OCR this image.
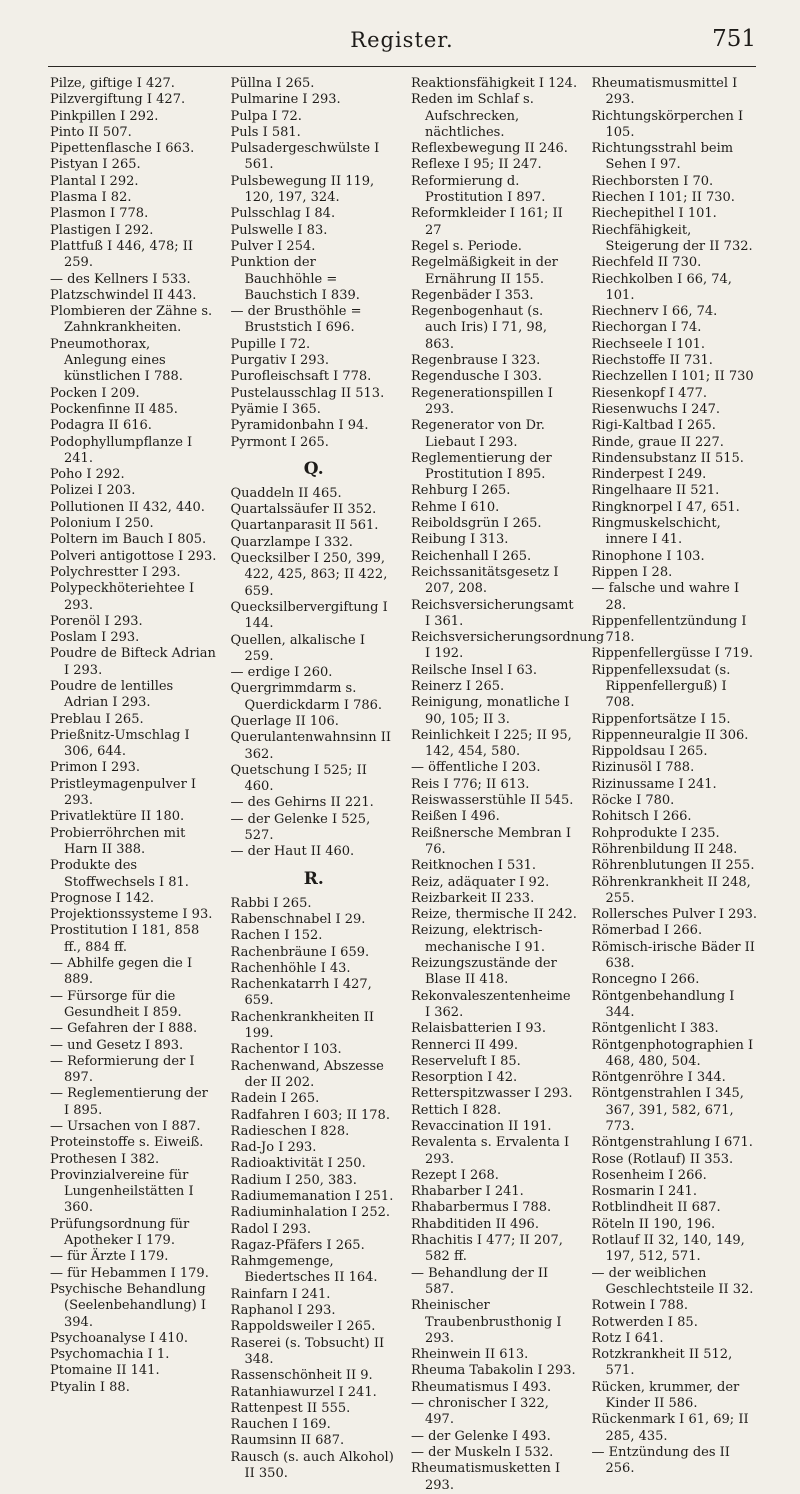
Register.	751
Pilze, giftige I 427.
Pilzvergiftung I 427.
Pinkpillen I 292.
Pinto II 507.
Pipettenflasche I 663.
Pistyan I 265.
Plantal I 292.
Plasma I 82.
Plasmon I 778.
Plastigen I 292.
Plattfuß I 446, 478; II 259.
— des Kellners I 533.
Platzschwindel II 443.
Plombieren der Zähne s. Zahnkrankheiten.
Pneumothorax, Anlegung eines künstlichen I 788.
Pocken I 209.
Pockenfinne II 485.
Podagra II 616.
Podophyllumpflanze I 241.
Poho I 292.
Polizei I 203.
Pollutionen II 432, 440.
Polonium I 250.
Poltern im Bauch I 805.
Polveri antigottose I 293.
Polychrestter I 293.
Polypeckhöteriehtee I 293.
Porenöl I 293.
Poslam I 293.
Poudre de Bifteck Adrian I 293.
Poudre de lentilles Adrian I 293.
Preblau I 265.
Prießnitz-Umschlag I 306, 644.
Primon I 293.
Pristleymagenpulver I 293.
Privatlektüre II 180.
Probierröhrchen mit Harn II 388.
Produkte des Stoffwechsels I 81.
Prognose I 142.
Projektionssysteme I 93.
Prostitution I 181, 858 ff., 884 ff.
— Abhilfe gegen die I 889.
— Fürsorge für die Gesundheit I 859.
— Gefahren der I 888.
— und Gesetz I 893.
— Reformierung der I 897.
— Reglementierung der I 895.
— Ursachen von I 887.
Proteinstoffe s. Eiweiß.
Prothesen I 382.
Provinzialvereine für Lungenheilstätten I 360.
Prüfungsordnung für Apotheker I 179.
— für Ärzte I 179.
— für Hebammen I 179.
Psychische Behandlung (Seelenbehandlung) I 394.
Psychoanalyse I 410.
Psychomachia I 1.
Ptomaine II 141.
Ptyalin I 88.
Püllna I 265.
Pulmarine I 293.
Pulpa I 72.
Puls I 581.
Pulsadergeschwülste I 561.
Pulsbewegung II 119, 120, 197, 324.
Pulsschlag I 84.
Pulswelle I 83.
Pulver I 254.
Punktion der Bauchhöhle = Bauchstich I 839.
— der Brusthöhle = Bruststich I 696.
Pupille I 72.
Purgativ I 293.
Puroﬂeischsaft I 778.
Pustelausschlag II 513.
Pyämie I 365.
Pyramidonbahn I 94.
Pyrmont I 265.
Q.
Quaddeln II 465.
Quartalssäufer II 352.
Quartanparasit II 561.
Quarzlampe I 332.
Quecksilber I 250, 399, 422, 425, 863; II 422, 659.
Quecksilbervergiftung I 144.
Quellen, alkalische I 259.
— erdige I 260.
Quergrimmdarm s. Querdickdarm I 786.
Querlage II 106.
Querulantenwahnsinn II 362.
Quetschung I 525; II 460.
— des Gehirns II 221.
— der Gelenke I 525, 527.
— der Haut II 460.
R.
Rabbi I 265.
Rabenschnabel I 29.
Rachen I 152.
Rachenbräune I 659.
Rachenhöhle I 43.
Rachenkatarrh I 427, 659.
Rachenkrankheiten II 199.
Rachentor I 103.
Rachenwand, Abszesse der II 202.
Radein I 265.
Radfahren I 603; II 178.
Radieschen I 828.
Rad-Jo I 293.
Radioaktivität I 250.
Radium I 250, 383.
Radiumemanation I 251.
Radiuminhalation I 252.
Radol I 293.
Ragaz-Pfäfers I 265.
Rahmgemenge, Biedertsches II 164.
Rainfarn I 241.
Raphanol I 293.
Rappoldsweiler I 265.
Raserei (s. Tobsucht) II 348.
Rassenschönheit II 9.
Ratanhiawurzel I 241.
Rattenpest II 555.
Rauchen I 169.
Raumsinn II 687.
Rausch (s. auch Alkohol) II 350.
Reaktionsfähigkeit I 124.
Reden im Schlaf s. Aufschrecken, nächtliches.
Reflexbewegung II 246.
Reflexe I 95; II 247.
Reformierung d. Prostitution I 897.
Reformkleider I 161; II 27
Regel s. Periode.
Regelmäßigkeit in der Ernährung II 155.
Regenbäder I 353.
Regenbogenhaut (s. auch Iris) I 71, 98, 863.
Regenbrause I 323.
Regendusche I 303.
Regenerationspillen I 293.
Regenerator von Dr. Liebaut I 293.
Reglementierung der Prostitution I 895.
Rehburg I 265.
Rehme I 610.
Reiboldsgrün I 265.
Reibung I 313.
Reichenhall I 265.
Reichssanitätsgesetz I 207, 208.
Reichsversicherungsamt I 361.
Reichsversicherungsordnung I 192.
Reilsche Insel I 63.
Reinerz I 265.
Reinigung, monatliche I 90, 105; II 3.
Reinlichkeit I 225; II 95, 142, 454, 580.
— öffentliche I 203.
Reis I 776; II 613.
Reiswasserstühle II 545.
Reißen I 496.
Reißnersche Membran I 76.
Reitknochen I 531.
Reiz, adäquater I 92.
Reizbarkeit II 233.
Reize, thermische II 242.
Reizung, elektrisch-mechanische I 91.
Reizungszustände der Blase II 418.
Rekonvaleszentenheime I 362.
Relaisbatterien I 93.
Rennerci II 499.
Reserveluft I 85.
Resorption I 42.
Retterspitzwasser I 293.
Rettich I 828.
Revaccination II 191.
Revalenta s. Ervalenta I 293.
Rezept I 268.
Rhabarber I 241.
Rhabarbermus I 788.
Rhabditiden II 496.
Rhachitis I 477; II 207, 582 ff.
— Behandlung der II 587.
Rheinischer Traubenbrusthonig I 293.
Rheinwein II 613.
Rheuma Tabakolin I 293.
Rheumatismus I 493.
— chronischer I 322, 497.
— der Gelenke I 493.
— der Muskeln I 532.
Rheumatismusketten I 293.
Rheumatismusmittel I 293.
Richtungskörperchen I 105.
Richtungsstrahl beim Sehen I 97.
Riechborsten I 70.
Riechen I 101; II 730.
Riechepithel I 101.
Riechfähigkeit, Steigerung der II 732.
Riechfeld II 730.
Riechkolben I 66, 74, 101.
Riechnerv I 66, 74.
Riechorgan I 74.
Riechseele I 101.
Riechstoffe II 731.
Riechzellen I 101; II 730
Riesenkopf I 477.
Riesenwuchs I 247.
Rigi-Kaltbad I 265.
Rinde, graue II 227.
Rindensubstanz II 515.
Rinderpest I 249.
Ringelhaare II 521.
Ringknorpel I 47, 651.
Ringmuskelschicht, innere I 41.
Rinophone I 103.
Rippen I 28.
— falsche und wahre I 28.
Rippenfellentzündung I 718.
Rippenfellergüsse I 719.
Rippenfellexsudat (s. Rippenfellerguß) I 708.
Rippenfortsätze I 15.
Rippenneuralgie II 306.
Rippoldsau I 265.
Rizinusöl I 788.
Rizinussame I 241.
Röcke I 780.
Rohitsch I 266.
Rohprodukte I 235.
Röhrenbildung II 248.
Röhrenblutungen II 255.
Röhrenkrankheit II 248, 255.
Rollersches Pulver I 293.
Römerbad I 266.
Römisch-irische Bäder II 638.
Roncegno I 266.
Röntgenbehandlung I 344.
Röntgenlicht I 383.
Röntgenphotographien I 468, 480, 504.
Röntgenröhre I 344.
Röntgenstrahlen I 345, 367, 391, 582, 671, 773.
Röntgenstrahlung I 671.
Rose (Rotlauf) II 353.
Rosenheim I 266.
Rosmarin I 241.
Rotblindheit II 687.
Röteln II 190, 196.
Rotlauf II 32, 140, 149, 197, 512, 571.
— der weiblichen Geschlechtsteile II 32.
Rotwein I 788.
Rotwerden I 85.
Rotz I 641.
Rotzkrankheit II 512, 571.
Rücken, krummer, der Kinder II 586.
Rückenmark I 61, 69; II 285, 435.
— Entzündung des II 256.
